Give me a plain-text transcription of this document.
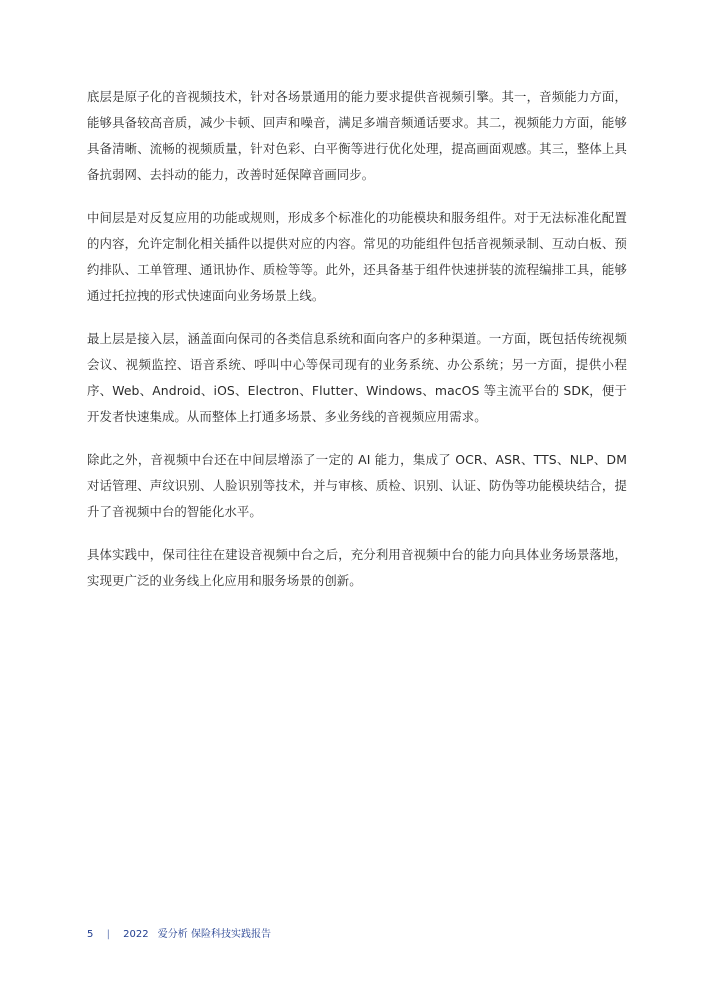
底层是原子化的音视频技术，针对各场景通用的能力要求提供音视频引擎。其一，音频能力方面，能够具备较高音质，减少卡顿、回声和噪音，满足多端音频通话要求。其二，视频能力方面，能够具备清晰、流畅的视频质量，针对色彩、白平衡等进行优化处理，提高画面观感。其三，整体上具备抗弱网、去抖动的能力，改善时延保障音画同步。

中间层是对反复应用的功能或规则，形成多个标准化的功能模块和服务组件。对于无法标准化配置的内容，允许定制化相关插件以提供对应的内容。常见的功能组件包括音视频录制、互动白板、预约排队、工单管理、通讯协作、质检等等。此外，还具备基于组件快速拼装的流程编排工具，能够通过托拉拽的形式快速面向业务场景上线。

最上层是接入层，涵盖面向保司的各类信息系统和面向客户的多种渠道。一方面，既包括传统视频会议、视频监控、语音系统、呼叫中心等保司现有的业务系统、办公系统；另一方面，提供小程序、Web、Android、iOS、Electron、Flutter、Windows、macOS 等主流平台的 SDK，便于开发者快速集成。从而整体上打通多场景、多业务线的音视频应用需求。

除此之外，音视频中台还在中间层增添了一定的 AI 能力，集成了 OCR、ASR、TTS、NLP、DM 对话管理、声纹识别、人脸识别等技术，并与审核、质检、识别、认证、防伪等功能模块结合，提升了音视频中台的智能化水平。

具体实践中，保司往往在建设音视频中台之后，充分利用音视频中台的能力向具体业务场景落地，实现更广泛的业务线上化应用和服务场景的创新。

5 | 2022 爱分析 保险科技实践报告
